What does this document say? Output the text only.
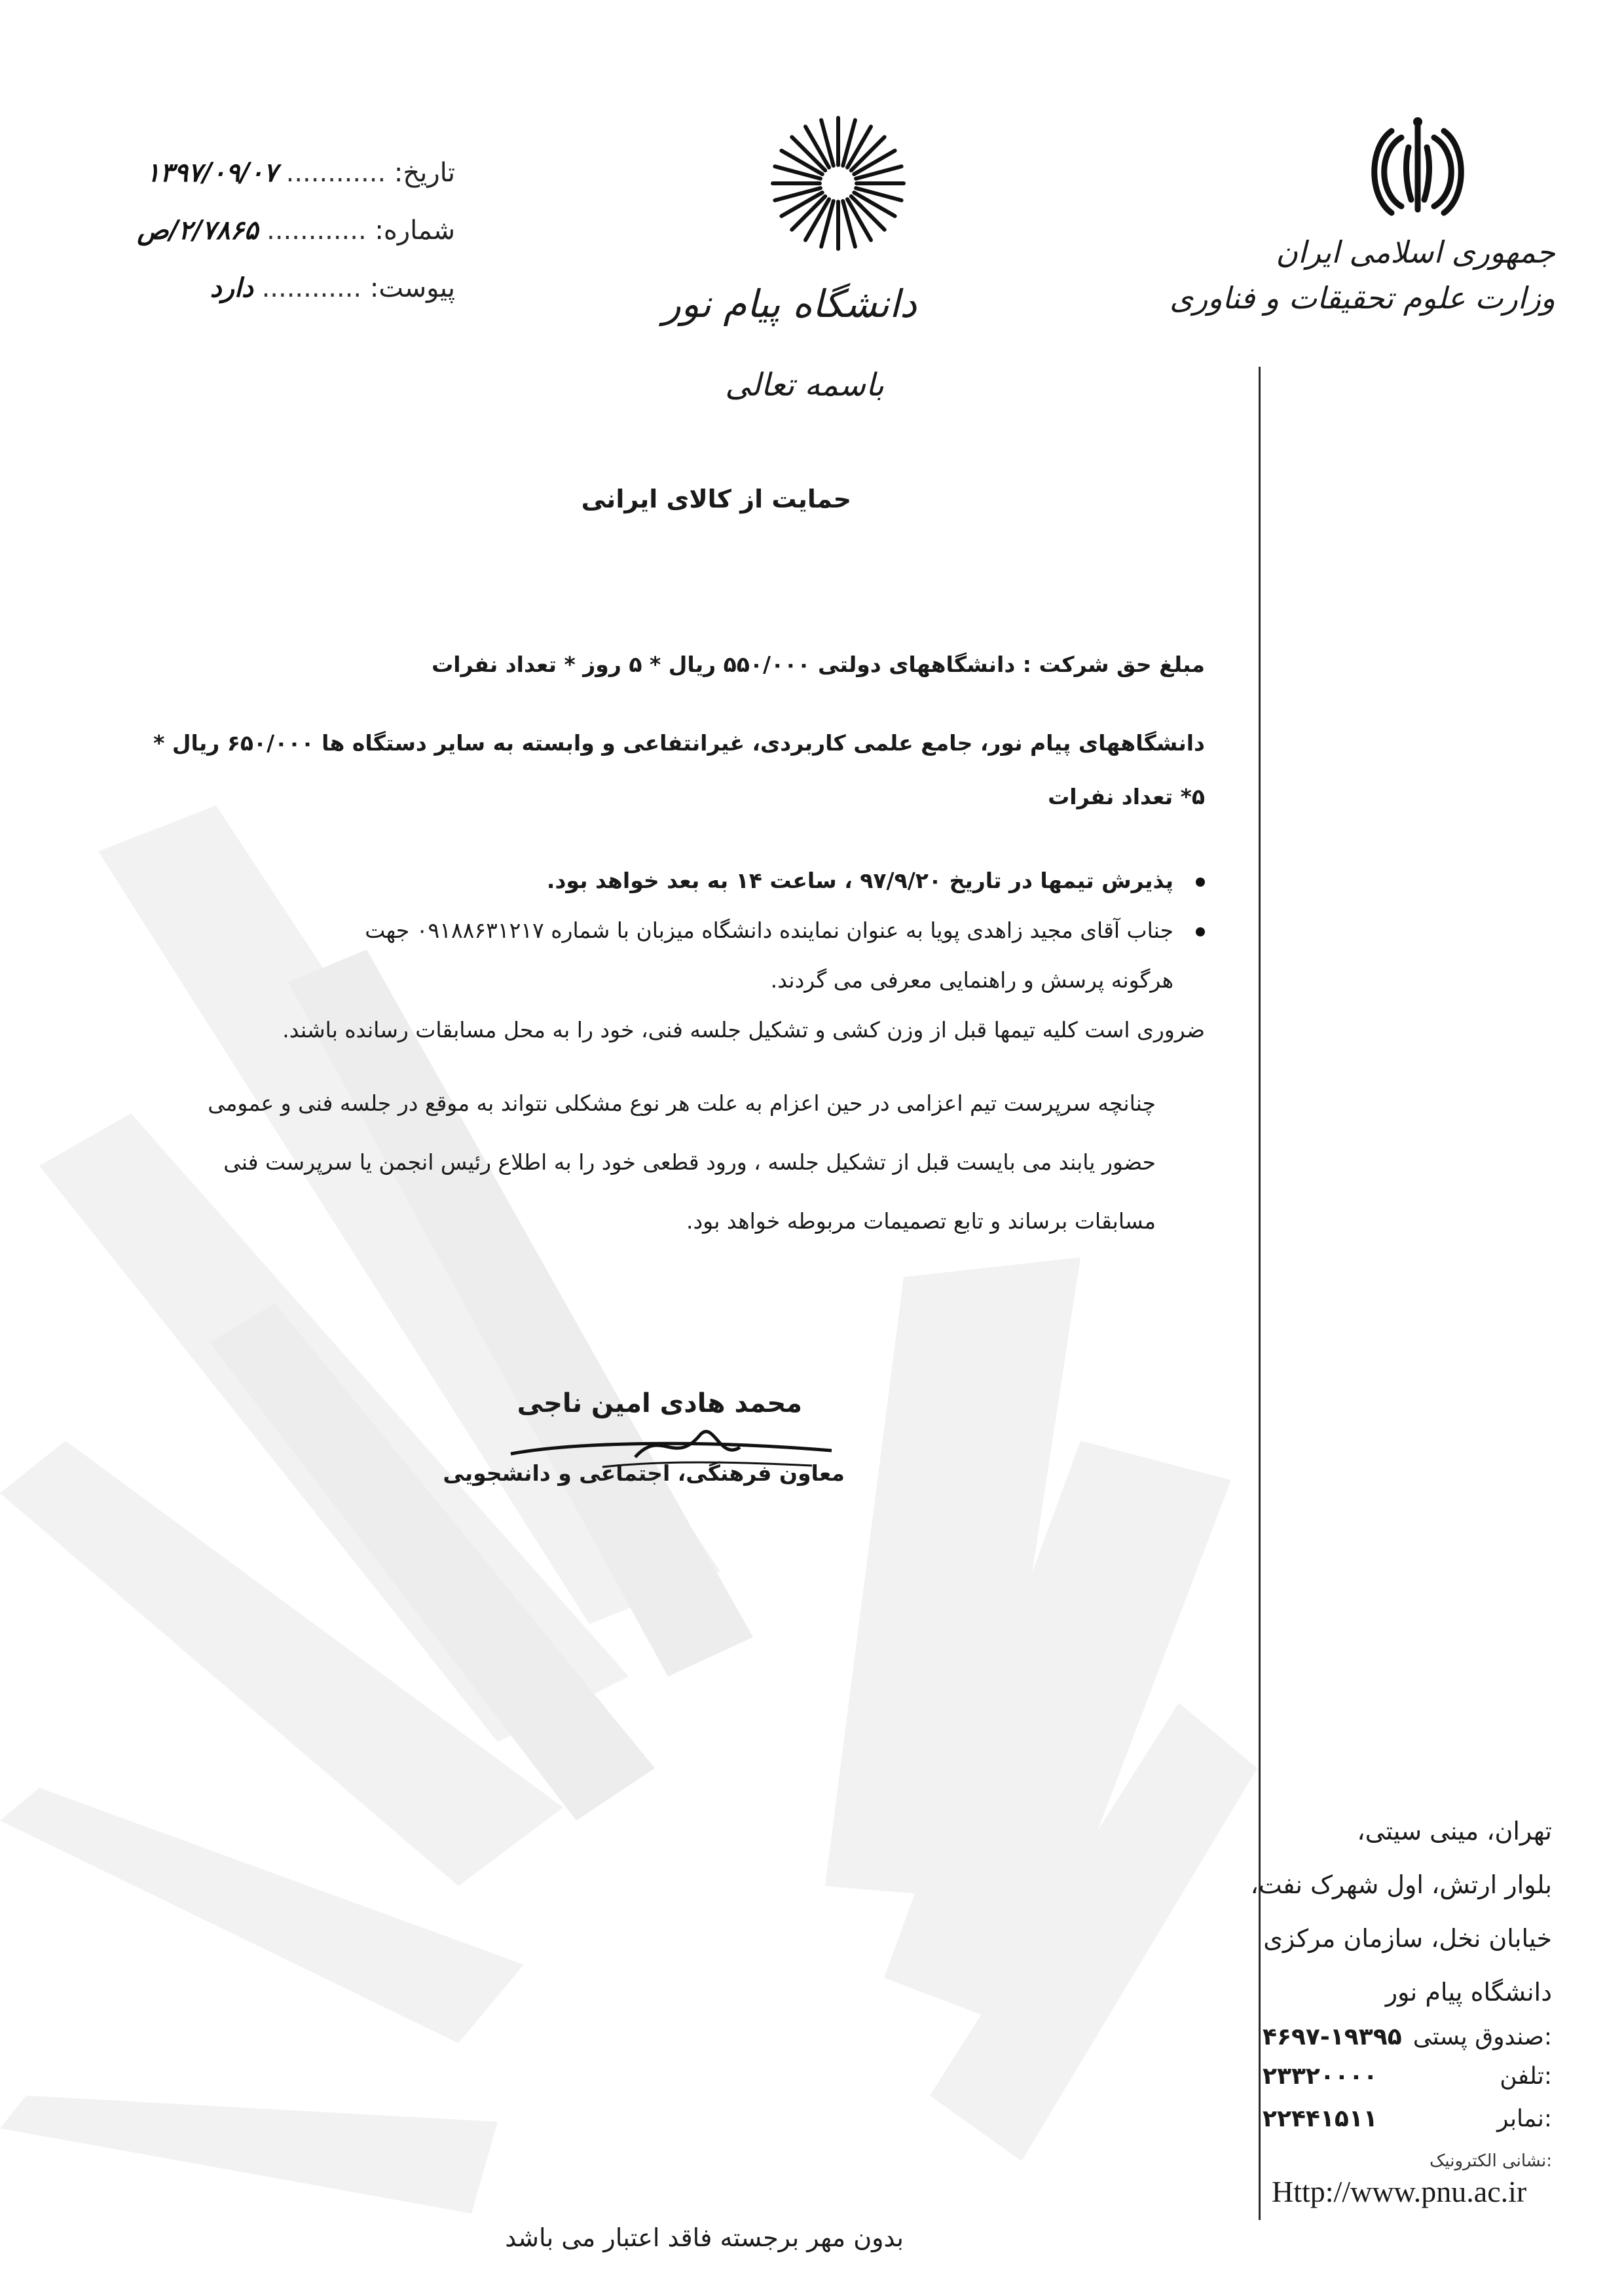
جمهوری اسلامی ایران
وزارت علوم تحقیقات و فناوری
دانشگاه پیام نور
باسمه تعالی
تاریخ: ............ ۱۳۹۷/۰۹/۰۷
شماره: ............ ۲/۷۸۶۵/ص
پیوست: ............ دارد
حمایت از کالای ایرانی
مبلغ حق شرکت : دانشگاههای دولتی ۵۵۰/۰۰۰ ریال * ۵ روز * تعداد نفرات
دانشگاههای پیام نور، جامع علمی کاربردی، غیرانتفاعی و وابسته به سایر دستگاه ها ۶۵۰/۰۰۰ ریال *
۵* تعداد نفرات
پذیرش تیمها در تاریخ ۹۷/۹/۲۰ ، ساعت ۱۴ به بعد خواهد بود.
جناب آقای مجید زاهدی پویا به عنوان نماینده دانشگاه میزبان با شماره ۰۹۱۸۸۶۳۱۲۱۷ جهت
هرگونه پرسش و راهنمایی معرفی می گردند.
ضروری است کلیه تیمها قبل از وزن کشی و تشکیل جلسه فنی، خود را به محل مسابقات رسانده باشند.
چنانچه سرپرست تیم اعزامی در حین اعزام به علت هر نوع مشکلی نتواند به موقع در جلسه فنی و عمومی
حضور یابند می بایست قبل از تشکیل جلسه ، ورود قطعی خود را به اطلاع رئیس انجمن یا سرپرست فنی
مسابقات برساند و تابع تصمیمات مربوطه خواهد بود.
محمد هادی امین ناجی
معاون فرهنگی، اجتماعی و دانشجویی
تهران، مینی سیتی،
بلوار ارتش، اول شهرک نفت،
خیابان نخل، سازمان مرکزی
دانشگاه پیام نور
صندوق پستی:
۴۶۹۷-۱۹۳۹۵
تلفن:
۲۳۳۲۰۰۰۰
نمابر:
۲۲۴۴۱۵۱۱
نشانی الکترونیک:
Http://www.pnu.ac.ir
بدون مهر برجسته فاقد اعتبار می باشد
